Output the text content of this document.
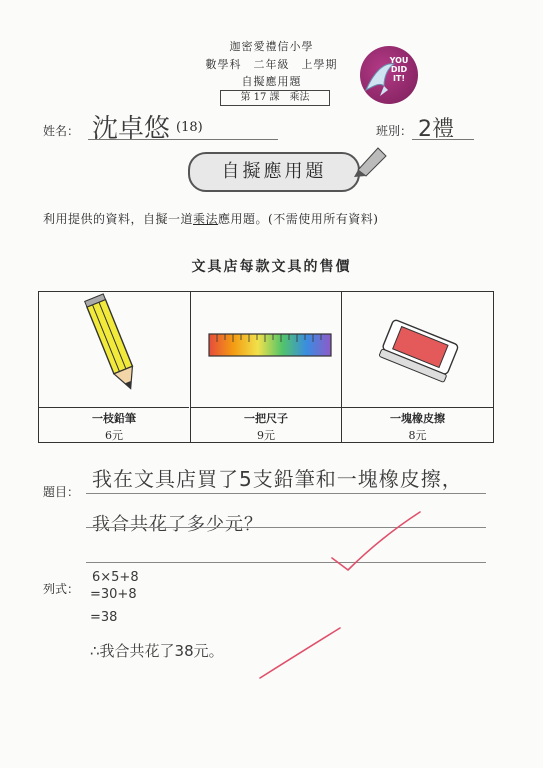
迦密愛禮信小學
數學科　二年級　上學期
自擬應用題
第 17 課　乘法
YOU DID IT!
姓名： 沈卓悠 (18)	班別： 2禮
自擬應用題
利用提供的資料，自擬一道乘法應用題。(不需使用所有資料)
文具店每款文具的售價
一枝鉛筆
6元
一把尺子
9元
一塊橡皮擦
8元
題目：
我在文具店買了5支鉛筆和一塊橡皮擦，
我合共花了多少元？
列式：
6×5+8
=30+8
=38
∴我合共花了38元。
